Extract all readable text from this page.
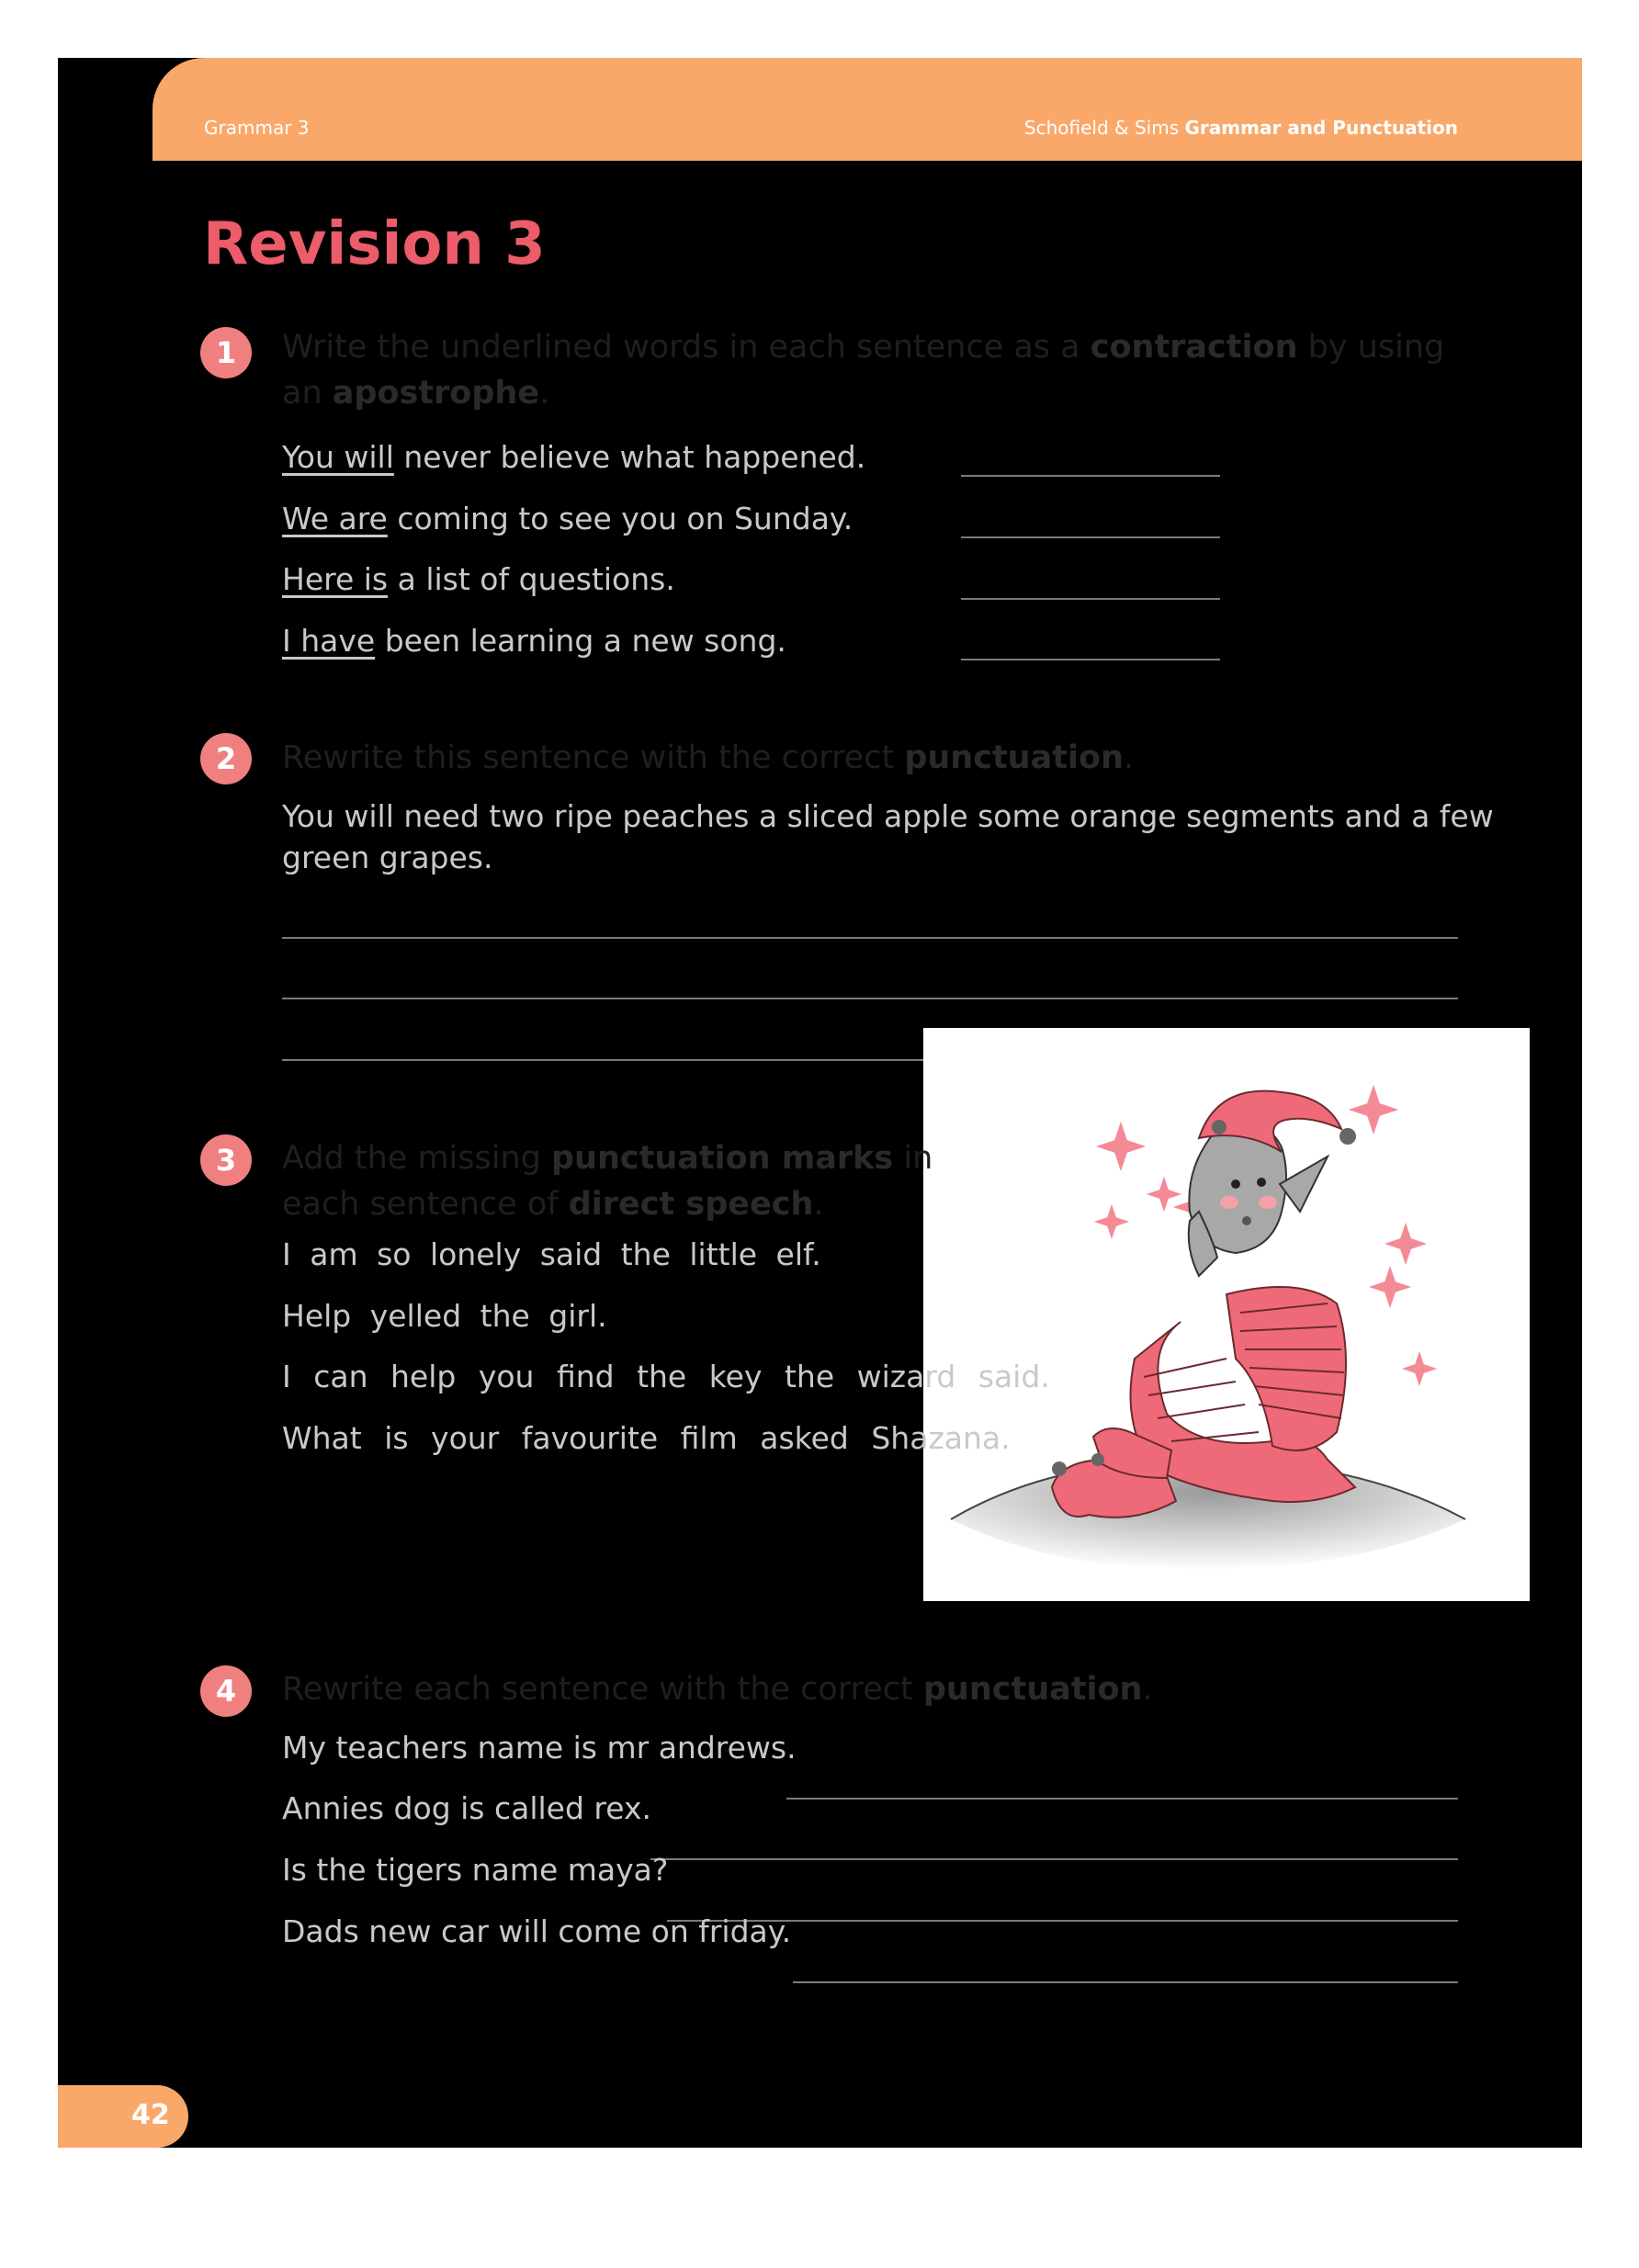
Grammar 3	Schofield & Sims Grammar and Punctuation
Revision 3
1	Write the underlined words in each sentence as a contraction by using an apostrophe.
You will never believe what happened.
We are coming to see you on Sunday.
Here is a list of questions.
I have been learning a new song.
2	Rewrite this sentence with the correct punctuation.
You will need two ripe peaches a sliced apple some orange segments and a few green grapes.
3	Add the missing punctuation marks in each sentence of direct speech.
I am so lonely said the little elf.
Help yelled the girl.
I can help you find the key the wizard said.
What is your favourite film asked Shazana.
4	Rewrite each sentence with the correct punctuation.
My teachers name is mr andrews.
Annies dog is called rex.
Is the tigers name maya?
Dads new car will come on friday.
42
